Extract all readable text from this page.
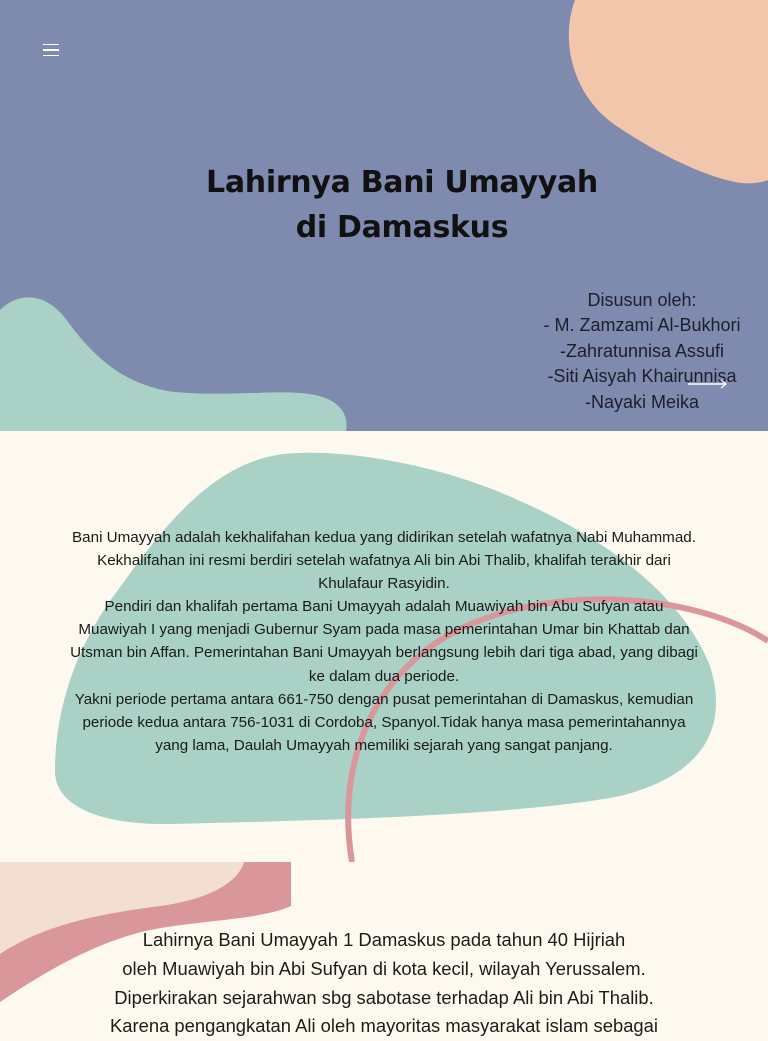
Lahirnya Bani Umayyah
di Damaskus
Disusun oleh:
- M. Zamzami Al-Bukhori
-Zahratunnisa Assufi
-Siti Aisyah Khairunnisa
-Nayaki Meika
Bani Umayyah adalah kekhalifahan kedua yang didirikan setelah wafatnya Nabi Muhammad.
Kekhalifahan ini resmi berdiri setelah wafatnya Ali bin Abi Thalib, khalifah terakhir dari Khulafaur Rasyidin.
Pendiri dan khalifah pertama Bani Umayyah adalah Muawiyah bin Abu Sufyan atau Muawiyah I yang menjadi Gubernur Syam pada masa pemerintahan Umar bin Khattab dan Utsman bin Affan. Pemerintahan Bani Umayyah berlangsung lebih dari tiga abad, yang dibagi ke dalam dua periode.
Yakni periode pertama antara 661-750 dengan pusat pemerintahan di Damaskus, kemudian periode kedua antara 756-1031 di Cordoba, Spanyol.Tidak hanya masa pemerintahannya yang lama, Daulah Umayyah memiliki sejarah yang sangat panjang.
Lahirnya Bani Umayyah 1 Damaskus pada tahun 40 Hijriah
oleh Muawiyah bin Abi Sufyan di kota kecil, wilayah Yerussalem.
Diperkirakan sejarahwan sbg sabotase terhadap Ali bin Abi Thalib.
Karena pengangkatan Ali oleh mayoritas masyarakat islam sebagai
